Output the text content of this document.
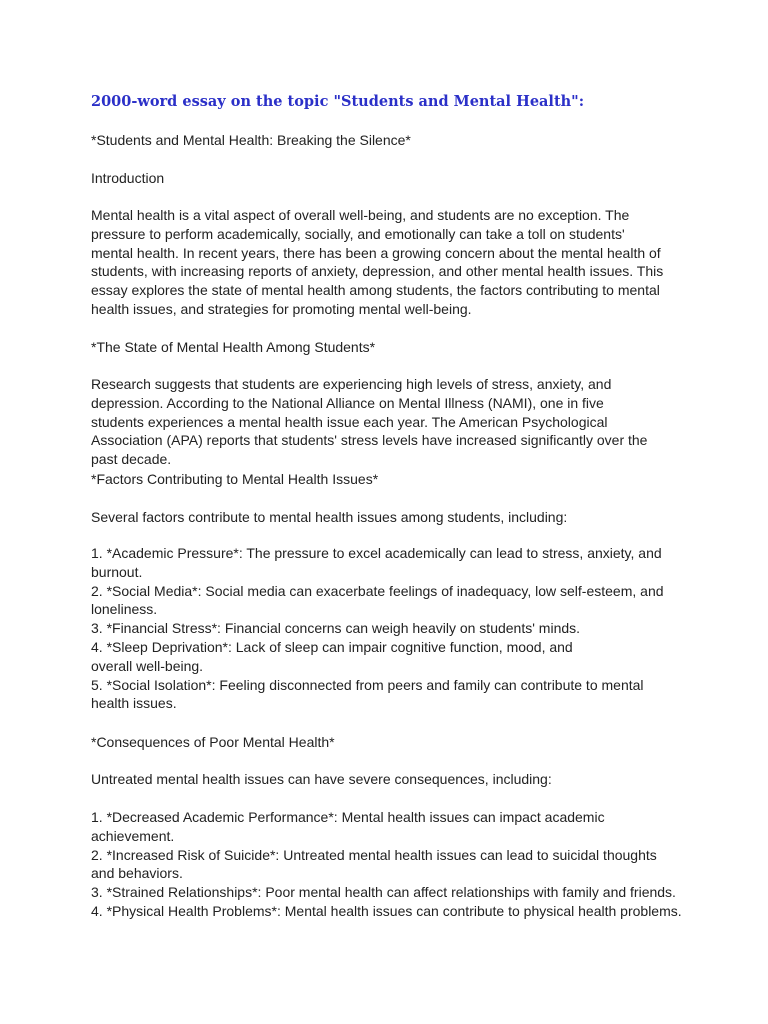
2000-word essay on the topic "Students and Mental Health":

*Students and Mental Health: Breaking the Silence*

Introduction

Mental health is a vital aspect of overall well-being, and students are no exception. The pressure to perform academically, socially, and emotionally can take a toll on students' mental health. In recent years, there has been a growing concern about the mental health of students, with increasing reports of anxiety, depression, and other mental health issues. This essay explores the state of mental health among students, the factors contributing to mental health issues, and strategies for promoting mental well-being.

*The State of Mental Health Among Students*

Research suggests that students are experiencing high levels of stress, anxiety, and depression. According to the National Alliance on Mental Illness (NAMI), one in five students experiences a mental health issue each year. The American Psychological Association (APA) reports that students' stress levels have increased significantly over the past decade.

*Factors Contributing to Mental Health Issues*

Several factors contribute to mental health issues among students, including:

1. *Academic Pressure*: The pressure to excel academically can lead to stress, anxiety, and burnout.

2. *Social Media*: Social media can exacerbate feelings of inadequacy, low self-esteem, and loneliness.

3. *Financial Stress*: Financial concerns can weigh heavily on students' minds.

4. *Sleep Deprivation*: Lack of sleep can impair cognitive function, mood, and overall well-being.

5. *Social Isolation*: Feeling disconnected from peers and family can contribute to mental health issues.

*Consequences of Poor Mental Health*

Untreated mental health issues can have severe consequences, including:

1. *Decreased Academic Performance*: Mental health issues can impact academic achievement.

2. *Increased Risk of Suicide*: Untreated mental health issues can lead to suicidal thoughts and behaviors.

3. *Strained Relationships*: Poor mental health can affect relationships with family and friends.

4. *Physical Health Problems*: Mental health issues can contribute to physical health problems.
